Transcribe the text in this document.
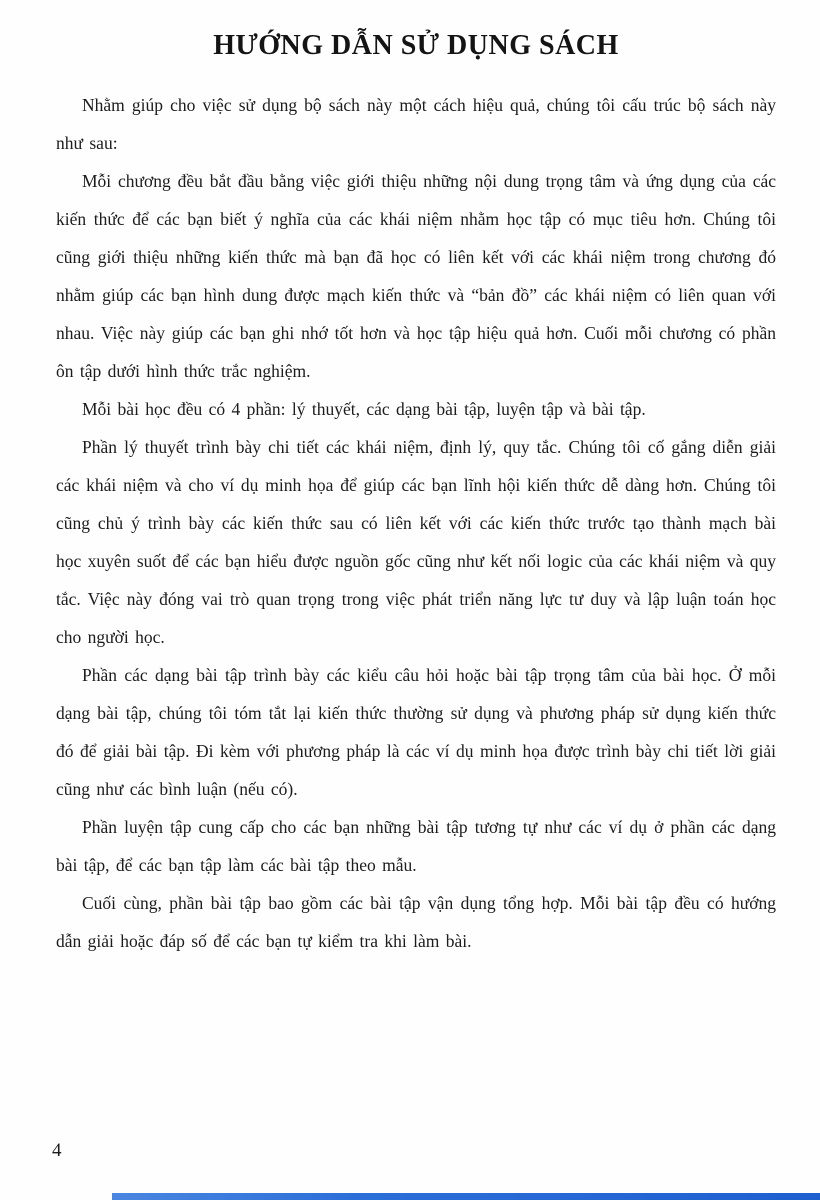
HƯỚNG DẪN SỬ DỤNG SÁCH

Nhằm giúp cho việc sử dụng bộ sách này một cách hiệu quả, chúng tôi cấu trúc bộ sách này như sau:

Mỗi chương đều bắt đầu bằng việc giới thiệu những nội dung trọng tâm và ứng dụng của các kiến thức để các bạn biết ý nghĩa của các khái niệm nhằm học tập có mục tiêu hơn. Chúng tôi cũng giới thiệu những kiến thức mà bạn đã học có liên kết với các khái niệm trong chương đó nhằm giúp các bạn hình dung được mạch kiến thức và “bản đồ” các khái niệm có liên quan với nhau. Việc này giúp các bạn ghi nhớ tốt hơn và học tập hiệu quả hơn. Cuối mỗi chương có phần ôn tập dưới hình thức trắc nghiệm.

Mỗi bài học đều có 4 phần: lý thuyết, các dạng bài tập, luyện tập và bài tập.

Phần lý thuyết trình bày chi tiết các khái niệm, định lý, quy tắc. Chúng tôi cố gắng diễn giải các khái niệm và cho ví dụ minh họa để giúp các bạn lĩnh hội kiến thức dễ dàng hơn. Chúng tôi cũng chủ ý trình bày các kiến thức sau có liên kết với các kiến thức trước tạo thành mạch bài học xuyên suốt để các bạn hiểu được nguồn gốc cũng như kết nối logic của các khái niệm và quy tắc. Việc này đóng vai trò quan trọng trong việc phát triển năng lực tư duy và lập luận toán học cho người học.

Phần các dạng bài tập trình bày các kiểu câu hỏi hoặc bài tập trọng tâm của bài học. Ở mỗi dạng bài tập, chúng tôi tóm tắt lại kiến thức thường sử dụng và phương pháp sử dụng kiến thức đó để giải bài tập. Đi kèm với phương pháp là các ví dụ minh họa được trình bày chi tiết lời giải cũng như các bình luận (nếu có).

Phần luyện tập cung cấp cho các bạn những bài tập tương tự như các ví dụ ở phần các dạng bài tập, để các bạn tập làm các bài tập theo mẫu.

Cuối cùng, phần bài tập bao gồm các bài tập vận dụng tổng hợp. Mỗi bài tập đều có hướng dẫn giải hoặc đáp số để các bạn tự kiểm tra khi làm bài.

4
